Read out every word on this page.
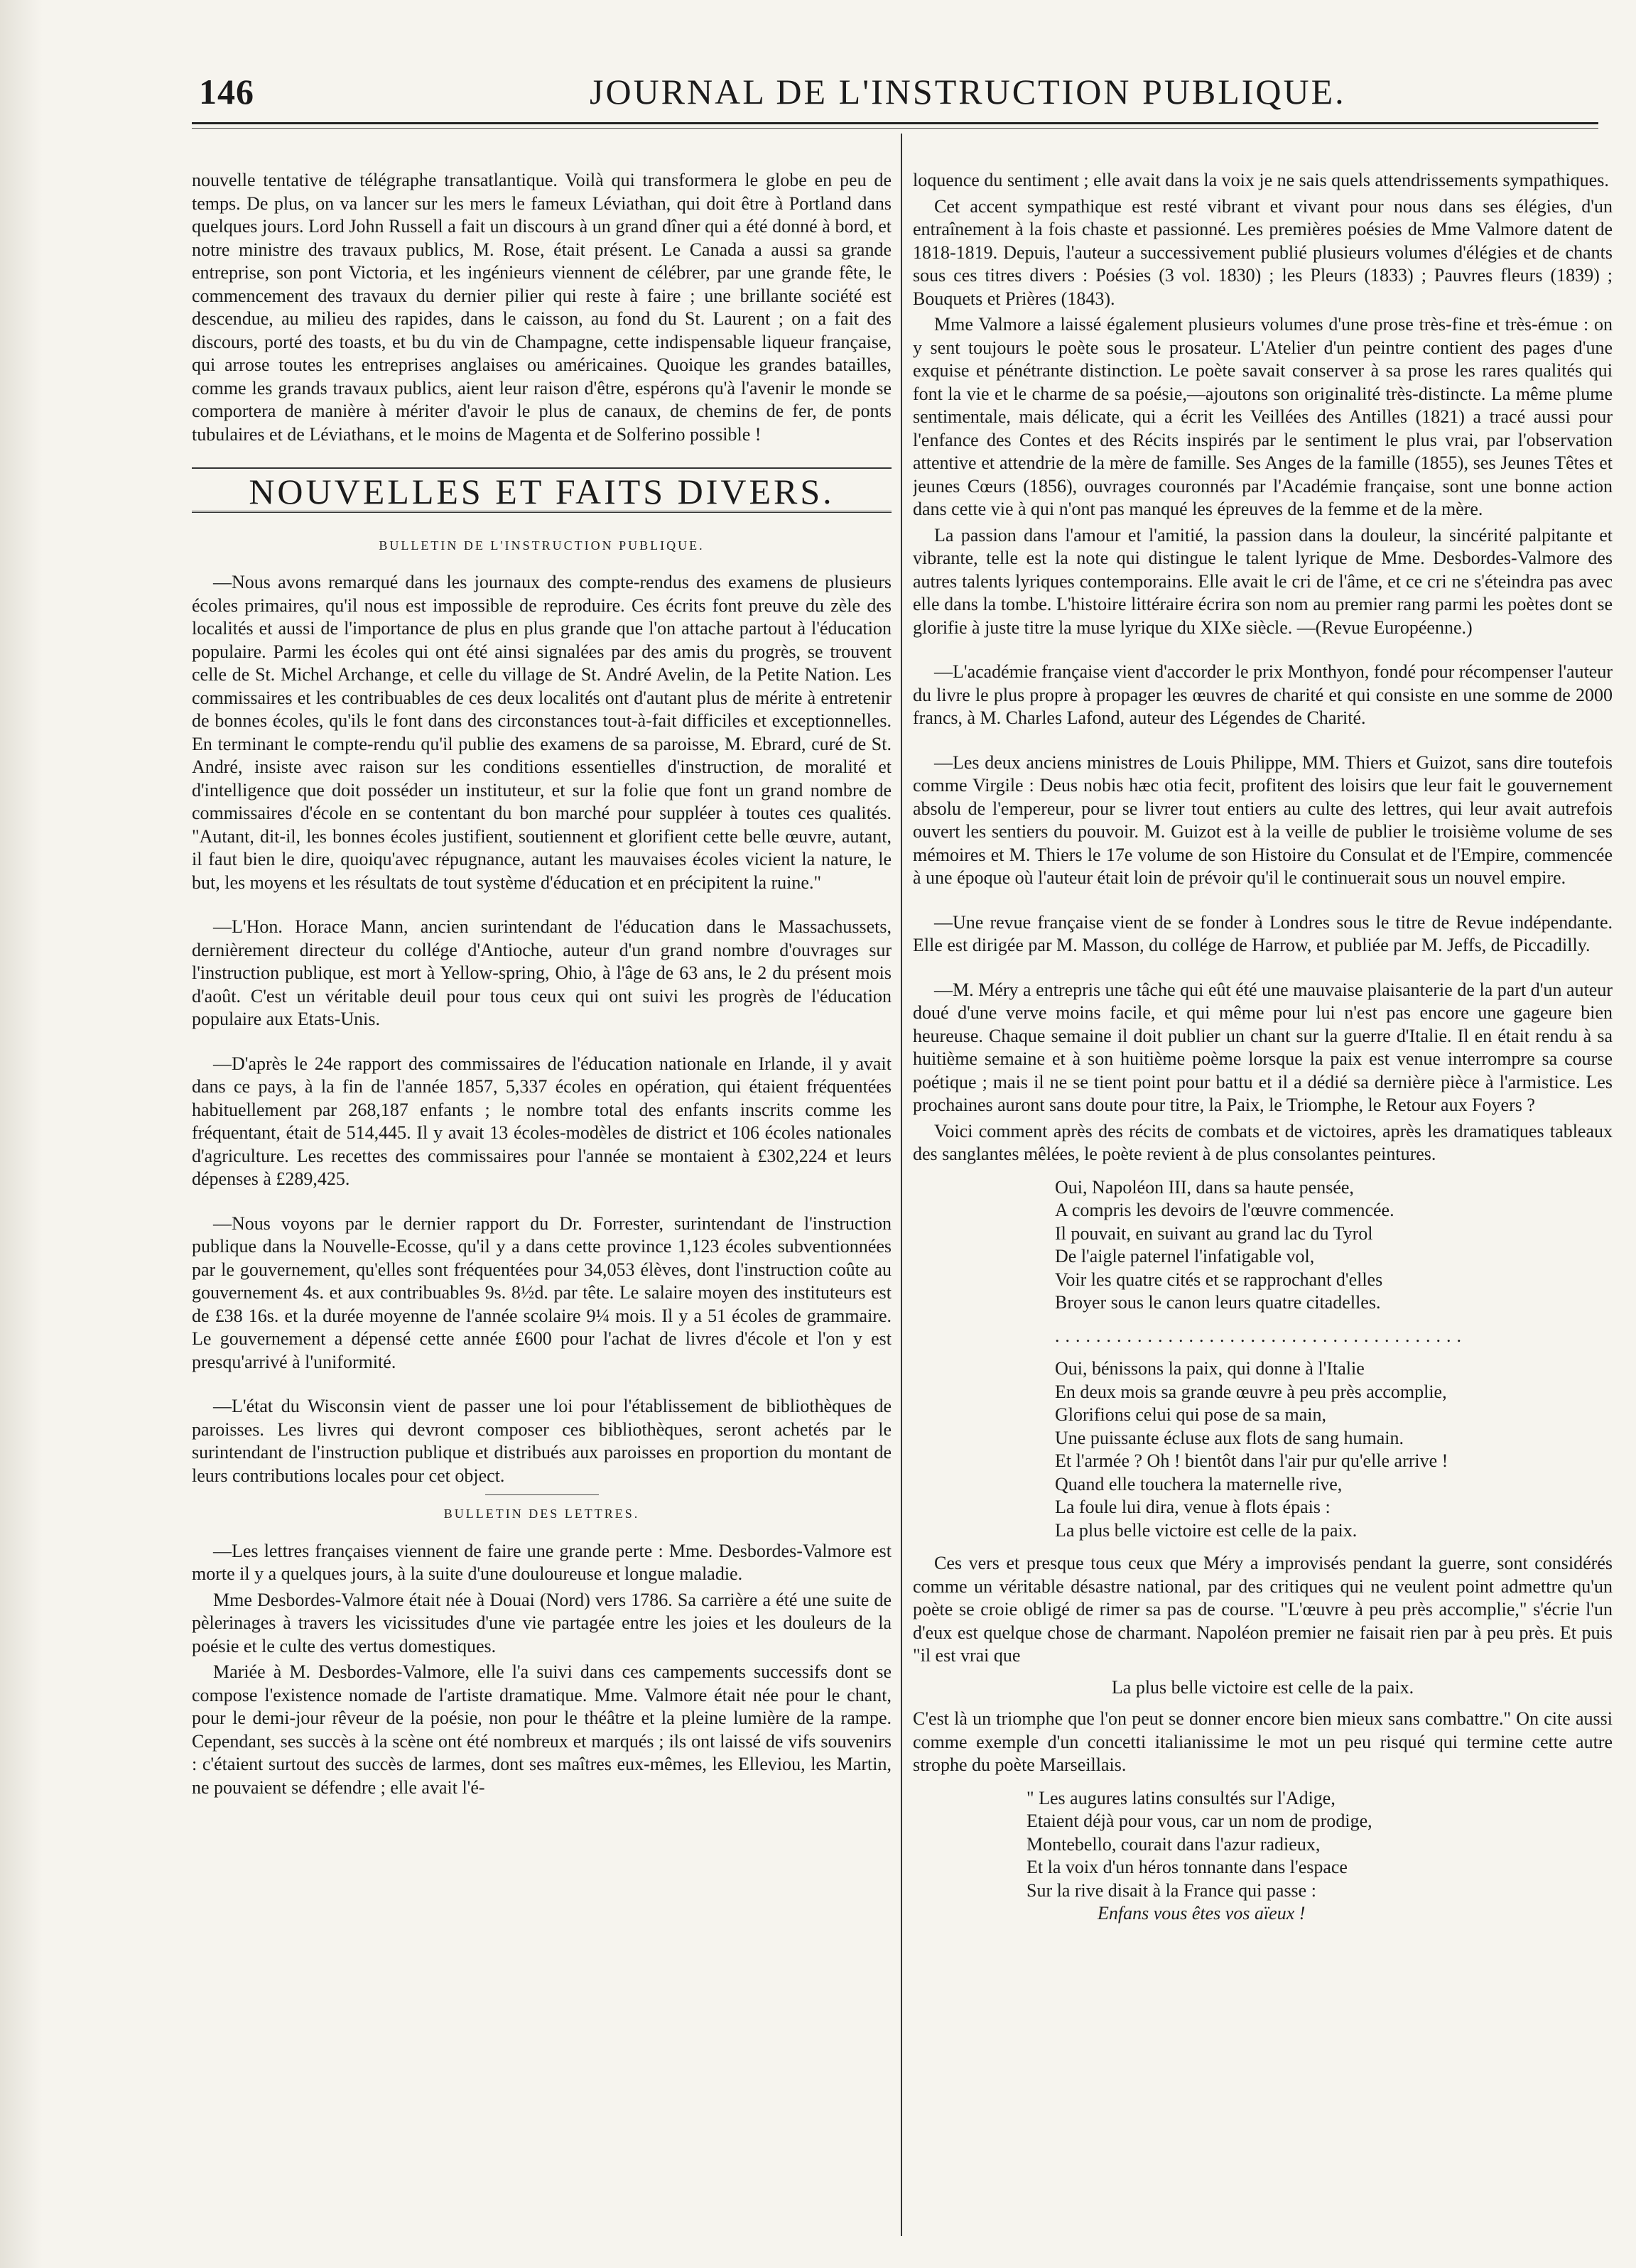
146	JOURNAL DE L'INSTRUCTION PUBLIQUE.

nouvelle tentative de télégraphe transatlantique. Voilà qui transformera le globe en peu de temps. De plus, on va lancer sur les mers le fameux Léviathan, qui doit être à Portland dans quelques jours. Lord John Russell a fait un discours à un grand dîner qui a été donné à bord, et notre ministre des travaux publics, M. Rose, était présent. Le Canada a aussi sa grande entreprise, son pont Victoria, et les ingénieurs viennent de célébrer, par une grande fête, le commencement des travaux du dernier pilier qui reste à faire ; une brillante société est descendue, au milieu des rapides, dans le caisson, au fond du St. Laurent ; on a fait des discours, porté des toasts, et bu du vin de Champagne, cette indispensable liqueur française, qui arrose toutes les entreprises anglaises ou américaines. Quoique les grandes batailles, comme les grands travaux publics, aient leur raison d'être, espérons qu'à l'avenir le monde se comportera de manière à mériter d'avoir le plus de canaux, de chemins de fer, de ponts tubulaires et de Léviathans, et le moins de Magenta et de Solferino possible !

NOUVELLES ET FAITS DIVERS.
BULLETIN DE L'INSTRUCTION PUBLIQUE.

—Nous avons remarqué dans les journaux des compte-rendus des examens de plusieurs écoles primaires, qu'il nous est impossible de reproduire. Ces écrits font preuve du zèle des localités et aussi de l'importance de plus en plus grande que l'on attache partout à l'éducation populaire. Parmi les écoles qui ont été ainsi signalées par des amis du progrès, se trouvent celle de St. Michel Archange, et celle du village de St. André Avelin, de la Petite Nation. Les commissaires et les contribuables de ces deux localités ont d'autant plus de mérite à entretenir de bonnes écoles, qu'ils le font dans des circonstances tout-à-fait difficiles et exceptionnelles. En terminant le compte-rendu qu'il publie des examens de sa paroisse, M. Ebrard, curé de St. André, insiste avec raison sur les conditions essentielles d'instruction, de moralité et d'intelligence que doit posséder un instituteur, et sur la folie que font un grand nombre de commissaires d'école en se contentant du bon marché pour suppléer à toutes ces qualités. "Autant, dit-il, les bonnes écoles justifient, soutiennent et glorifient cette belle œuvre, autant, il faut bien le dire, quoiqu'avec répugnance, autant les mauvaises écoles vicient la nature, le but, les moyens et les résultats de tout système d'éducation et en précipitent la ruine."

—L'Hon. Horace Mann, ancien surintendant de l'éducation dans le Massachussets, dernièrement directeur du collége d'Antioche, auteur d'un grand nombre d'ouvrages sur l'instruction publique, est mort à Yellow-spring, Ohio, à l'âge de 63 ans, le 2 du présent mois d'août. C'est un véritable deuil pour tous ceux qui ont suivi les progrès de l'éducation populaire aux Etats-Unis.

—D'après le 24e rapport des commissaires de l'éducation nationale en Irlande, il y avait dans ce pays, à la fin de l'année 1857, 5,337 écoles en opération, qui étaient fréquentées habituellement par 268,187 enfants ; le nombre total des enfants inscrits comme les fréquentant, était de 514,445. Il y avait 13 écoles-modèles de district et 106 écoles nationales d'agriculture. Les recettes des commissaires pour l'année se montaient à £302,224 et leurs dépenses à £289,425.

—Nous voyons par le dernier rapport du Dr. Forrester, surintendant de l'instruction publique dans la Nouvelle-Ecosse, qu'il y a dans cette province 1,123 écoles subventionnées par le gouvernement, qu'elles sont fréquentées pour 34,053 élèves, dont l'instruction coûte au gouvernement 4s. et aux contribuables 9s. 8½d. par tête. Le salaire moyen des instituteurs est de £38 16s. et la durée moyenne de l'année scolaire 9¼ mois. Il y a 51 écoles de grammaire. Le gouvernement a dépensé cette année £600 pour l'achat de livres d'école et l'on y est presqu'arrivé à l'uniformité.

—L'état du Wisconsin vient de passer une loi pour l'établissement de bibliothèques de paroisses. Les livres qui devront composer ces bibliothèques, seront achetés par le surintendant de l'instruction publique et distribués aux paroisses en proportion du montant de leurs contributions locales pour cet object.

BULLETIN DES LETTRES.

—Les lettres françaises viennent de faire une grande perte : Mme. Desbordes-Valmore est morte il y a quelques jours, à la suite d'une douloureuse et longue maladie.

Mme Desbordes-Valmore était née à Douai (Nord) vers 1786. Sa carrière a été une suite de pèlerinages à travers les vicissitudes d'une vie partagée entre les joies et les douleurs de la poésie et le culte des vertus domestiques.

Mariée à M. Desbordes-Valmore, elle l'a suivi dans ces campements successifs dont se compose l'existence nomade de l'artiste dramatique. Mme. Valmore était née pour le chant, pour le demi-jour rêveur de la poésie, non pour le théâtre et la pleine lumière de la rampe. Cependant, ses succès à la scène ont été nombreux et marqués ; ils ont laissé de vifs souvenirs : c'étaient surtout des succès de larmes, dont ses maîtres eux-mêmes, les Elleviou, les Martin, ne pouvaient se défendre ; elle avait l'é-

loquence du sentiment ; elle avait dans la voix je ne sais quels attendrissements sympathiques.

Cet accent sympathique est resté vibrant et vivant pour nous dans ses élégies, d'un entraînement à la fois chaste et passionné. Les premières poésies de Mme Valmore datent de 1818-1819. Depuis, l'auteur a successivement publié plusieurs volumes d'élégies et de chants sous ces titres divers : Poésies (3 vol. 1830) ; les Pleurs (1833) ; Pauvres fleurs (1839) ; Bouquets et Prières (1843).

Mme Valmore a laissé également plusieurs volumes d'une prose très-fine et très-émue : on y sent toujours le poète sous le prosateur. L'Atelier d'un peintre contient des pages d'une exquise et pénétrante distinction. Le poète savait conserver à sa prose les rares qualités qui font la vie et le charme de sa poésie,—ajoutons son originalité très-distincte. La même plume sentimentale, mais délicate, qui a écrit les Veillées des Antilles (1821) a tracé aussi pour l'enfance des Contes et des Récits inspirés par le sentiment le plus vrai, par l'observation attentive et attendrie de la mère de famille. Ses Anges de la famille (1855), ses Jeunes Têtes et jeunes Cœurs (1856), ouvrages couronnés par l'Académie française, sont une bonne action dans cette vie à qui n'ont pas manqué les épreuves de la femme et de la mère.

La passion dans l'amour et l'amitié, la passion dans la douleur, la sincérité palpitante et vibrante, telle est la note qui distingue le talent lyrique de Mme. Desbordes-Valmore des autres talents lyriques contemporains. Elle avait le cri de l'âme, et ce cri ne s'éteindra pas avec elle dans la tombe. L'histoire littéraire écrira son nom au premier rang parmi les poètes dont se glorifie à juste titre la muse lyrique du XIXe siècle. —(Revue Européenne.)

—L'académie française vient d'accorder le prix Monthyon, fondé pour récompenser l'auteur du livre le plus propre à propager les œuvres de charité et qui consiste en une somme de 2000 francs, à M. Charles Lafond, auteur des Légendes de Charité.

—Les deux anciens ministres de Louis Philippe, MM. Thiers et Guizot, sans dire toutefois comme Virgile : Deus nobis hæc otia fecit, profitent des loisirs que leur fait le gouvernement absolu de l'empereur, pour se livrer tout entiers au culte des lettres, qui leur avait autrefois ouvert les sentiers du pouvoir. M. Guizot est à la veille de publier le troisième volume de ses mémoires et M. Thiers le 17e volume de son Histoire du Consulat et de l'Empire, commencée à une époque où l'auteur était loin de prévoir qu'il le continuerait sous un nouvel empire.

—Une revue française vient de se fonder à Londres sous le titre de Revue indépendante. Elle est dirigée par M. Masson, du collége de Harrow, et publiée par M. Jeffs, de Piccadilly.

—M. Méry a entrepris une tâche qui eût été une mauvaise plaisanterie de la part d'un auteur doué d'une verve moins facile, et qui même pour lui n'est pas encore une gageure bien heureuse. Chaque semaine il doit publier un chant sur la guerre d'Italie. Il en était rendu à sa huitième semaine et à son huitième poème lorsque la paix est venue interrompre sa course poétique ; mais il ne se tient point pour battu et il a dédié sa dernière pièce à l'armistice. Les prochaines auront sans doute pour titre, la Paix, le Triomphe, le Retour aux Foyers ?

Voici comment après des récits de combats et de victoires, après les dramatiques tableaux des sanglantes mêlées, le poète revient à de plus consolantes peintures.

Oui, Napoléon III, dans sa haute pensée,
A compris les devoirs de l'œuvre commencée.
Il pouvait, en suivant au grand lac du Tyrol
De l'aigle paternel l'infatigable vol,
Voir les quatre cités et se rapprochant d'elles
Broyer sous le canon leurs quatre citadelles.
........................................
Oui, bénissons la paix, qui donne à l'Italie
En deux mois sa grande œuvre à peu près accomplie,
Glorifions celui qui pose de sa main,
Une puissante écluse aux flots de sang humain.
Et l'armée ? Oh ! bientôt dans l'air pur qu'elle arrive !
Quand elle touchera la maternelle rive,
La foule lui dira, venue à flots épais :
La plus belle victoire est celle de la paix.

Ces vers et presque tous ceux que Méry a improvisés pendant la guerre, sont considérés comme un véritable désastre national, par des critiques qui ne veulent point admettre qu'un poète se croie obligé de rimer sa pas de course. "L'œuvre à peu près accomplie," s'écrie l'un d'eux est quelque chose de charmant. Napoléon premier ne faisait rien par à peu près. Et puis "il est vrai que

La plus belle victoire est celle de la paix.

C'est là un triomphe que l'on peut se donner encore bien mieux sans combattre." On cite aussi comme exemple d'un concetti italianissime le mot un peu risqué qui termine cette autre strophe du poète Marseillais.

" Les augures latins consultés sur l'Adige,
Etaient déjà pour vous, car un nom de prodige,
Montebello, courait dans l'azur radieux,
Et la voix d'un héros tonnante dans l'espace
Sur la rive disait à la France qui passe :
Enfans vous êtes vos aïeux !
